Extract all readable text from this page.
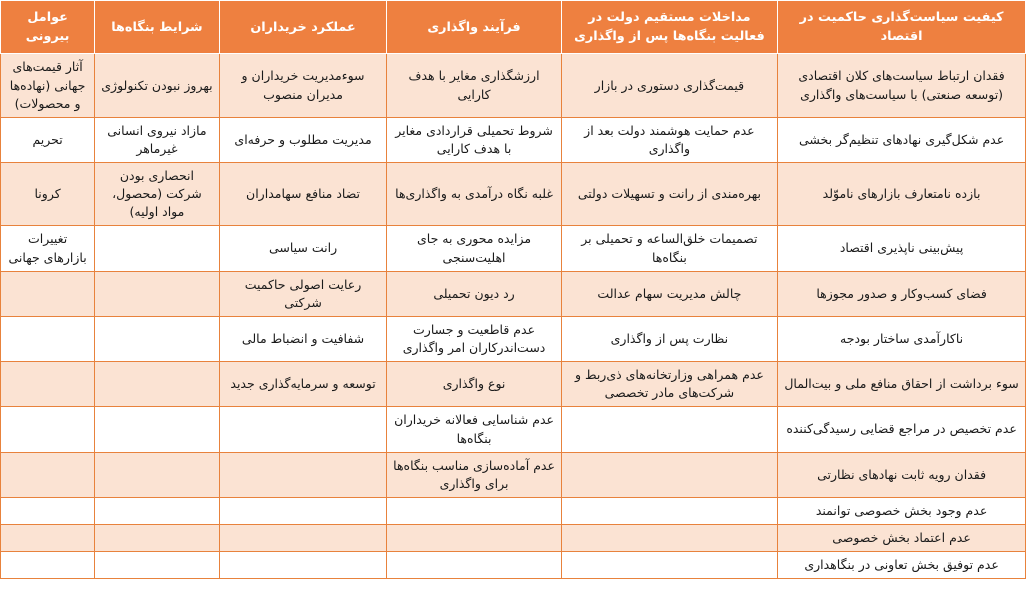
کیفیت سیاست‌گذاری حاکمیت در اقتصاد	مداخلات مستقیم دولت در فعالیت بنگاه‌ها پس از واگذاری	فرآیند واگذاری	عملکرد خریداران	شرایط بنگاه‌ها	عوامل بیرونی
فقدان ارتباط سیاست‌های کلان اقتصادی (توسعه صنعتی) با سیاست‌های واگذاری	قیمت‌گذاری دستوری در بازار	ارزشگذاری مغایر با هدف کارایی	سوءمدیریت خریداران و مدیران منصوب	بهروز نبودن تکنولوژی	آثار قیمت‌های جهانی (نهاده‌ها و محصولات)
عدم شکل‌گیری نهادهای تنظیم‌گر بخشی	عدم حمایت هوشمند دولت بعد از واگذاری	شروط تحمیلی قراردادی مغایر با هدف کارایی	مدیریت مطلوب و حرفه‌ای	مازاد نیروی انسانی غیرماهر	تحریم
بازده نامتعارف بازارهای ناموّلد	بهره‌مندی از رانت و تسهیلات دولتی	غلبه نگاه درآمدی به واگذاری‌ها	تضاد منافع سهامداران	انحصاری بودن شرکت (محصول، مواد اولیه)	کرونا
پیش‌بینی ناپذیری اقتصاد	تصمیمات خلق‌الساعه و تحمیلی بر بنگاه‌ها	مزایده محوری به جای اهلیت‌سنجی	رانت سیاسی		تغییرات بازارهای جهانی
فضای کسب‌وکار و صدور مجوزها	چالش مدیریت سهام عدالت	رد دیون تحمیلی	رعایت اصولی حاکمیت شرکتی		
ناکارآمدی ساختار بودجه	نظارت پس از واگذاری	عدم قاطعیت و جسارت دست‌اندرکاران امر واگذاری	شفافیت و انضباط مالی		
سوء برداشت از احقاق منافع ملی و بیت‌المال	عدم همراهی وزارتخانه‌های ذی‌ربط و شرکت‌های مادر تخصصی	نوع واگذاری	توسعه و سرمایه‌گذاری جدید		
عدم تخصیص در مراجع قضایی رسیدگی‌کننده		عدم شناسایی فعالانه خریداران بنگاه‌ها			
فقدان رویه ثابت نهادهای نظارتی		عدم آماده‌سازی مناسب بنگاه‌ها برای واگذاری			
عدم وجود بخش خصوصی توانمند					
عدم اعتماد بخش خصوصی					
عدم توفیق بخش تعاونی در بنگاهداری					
